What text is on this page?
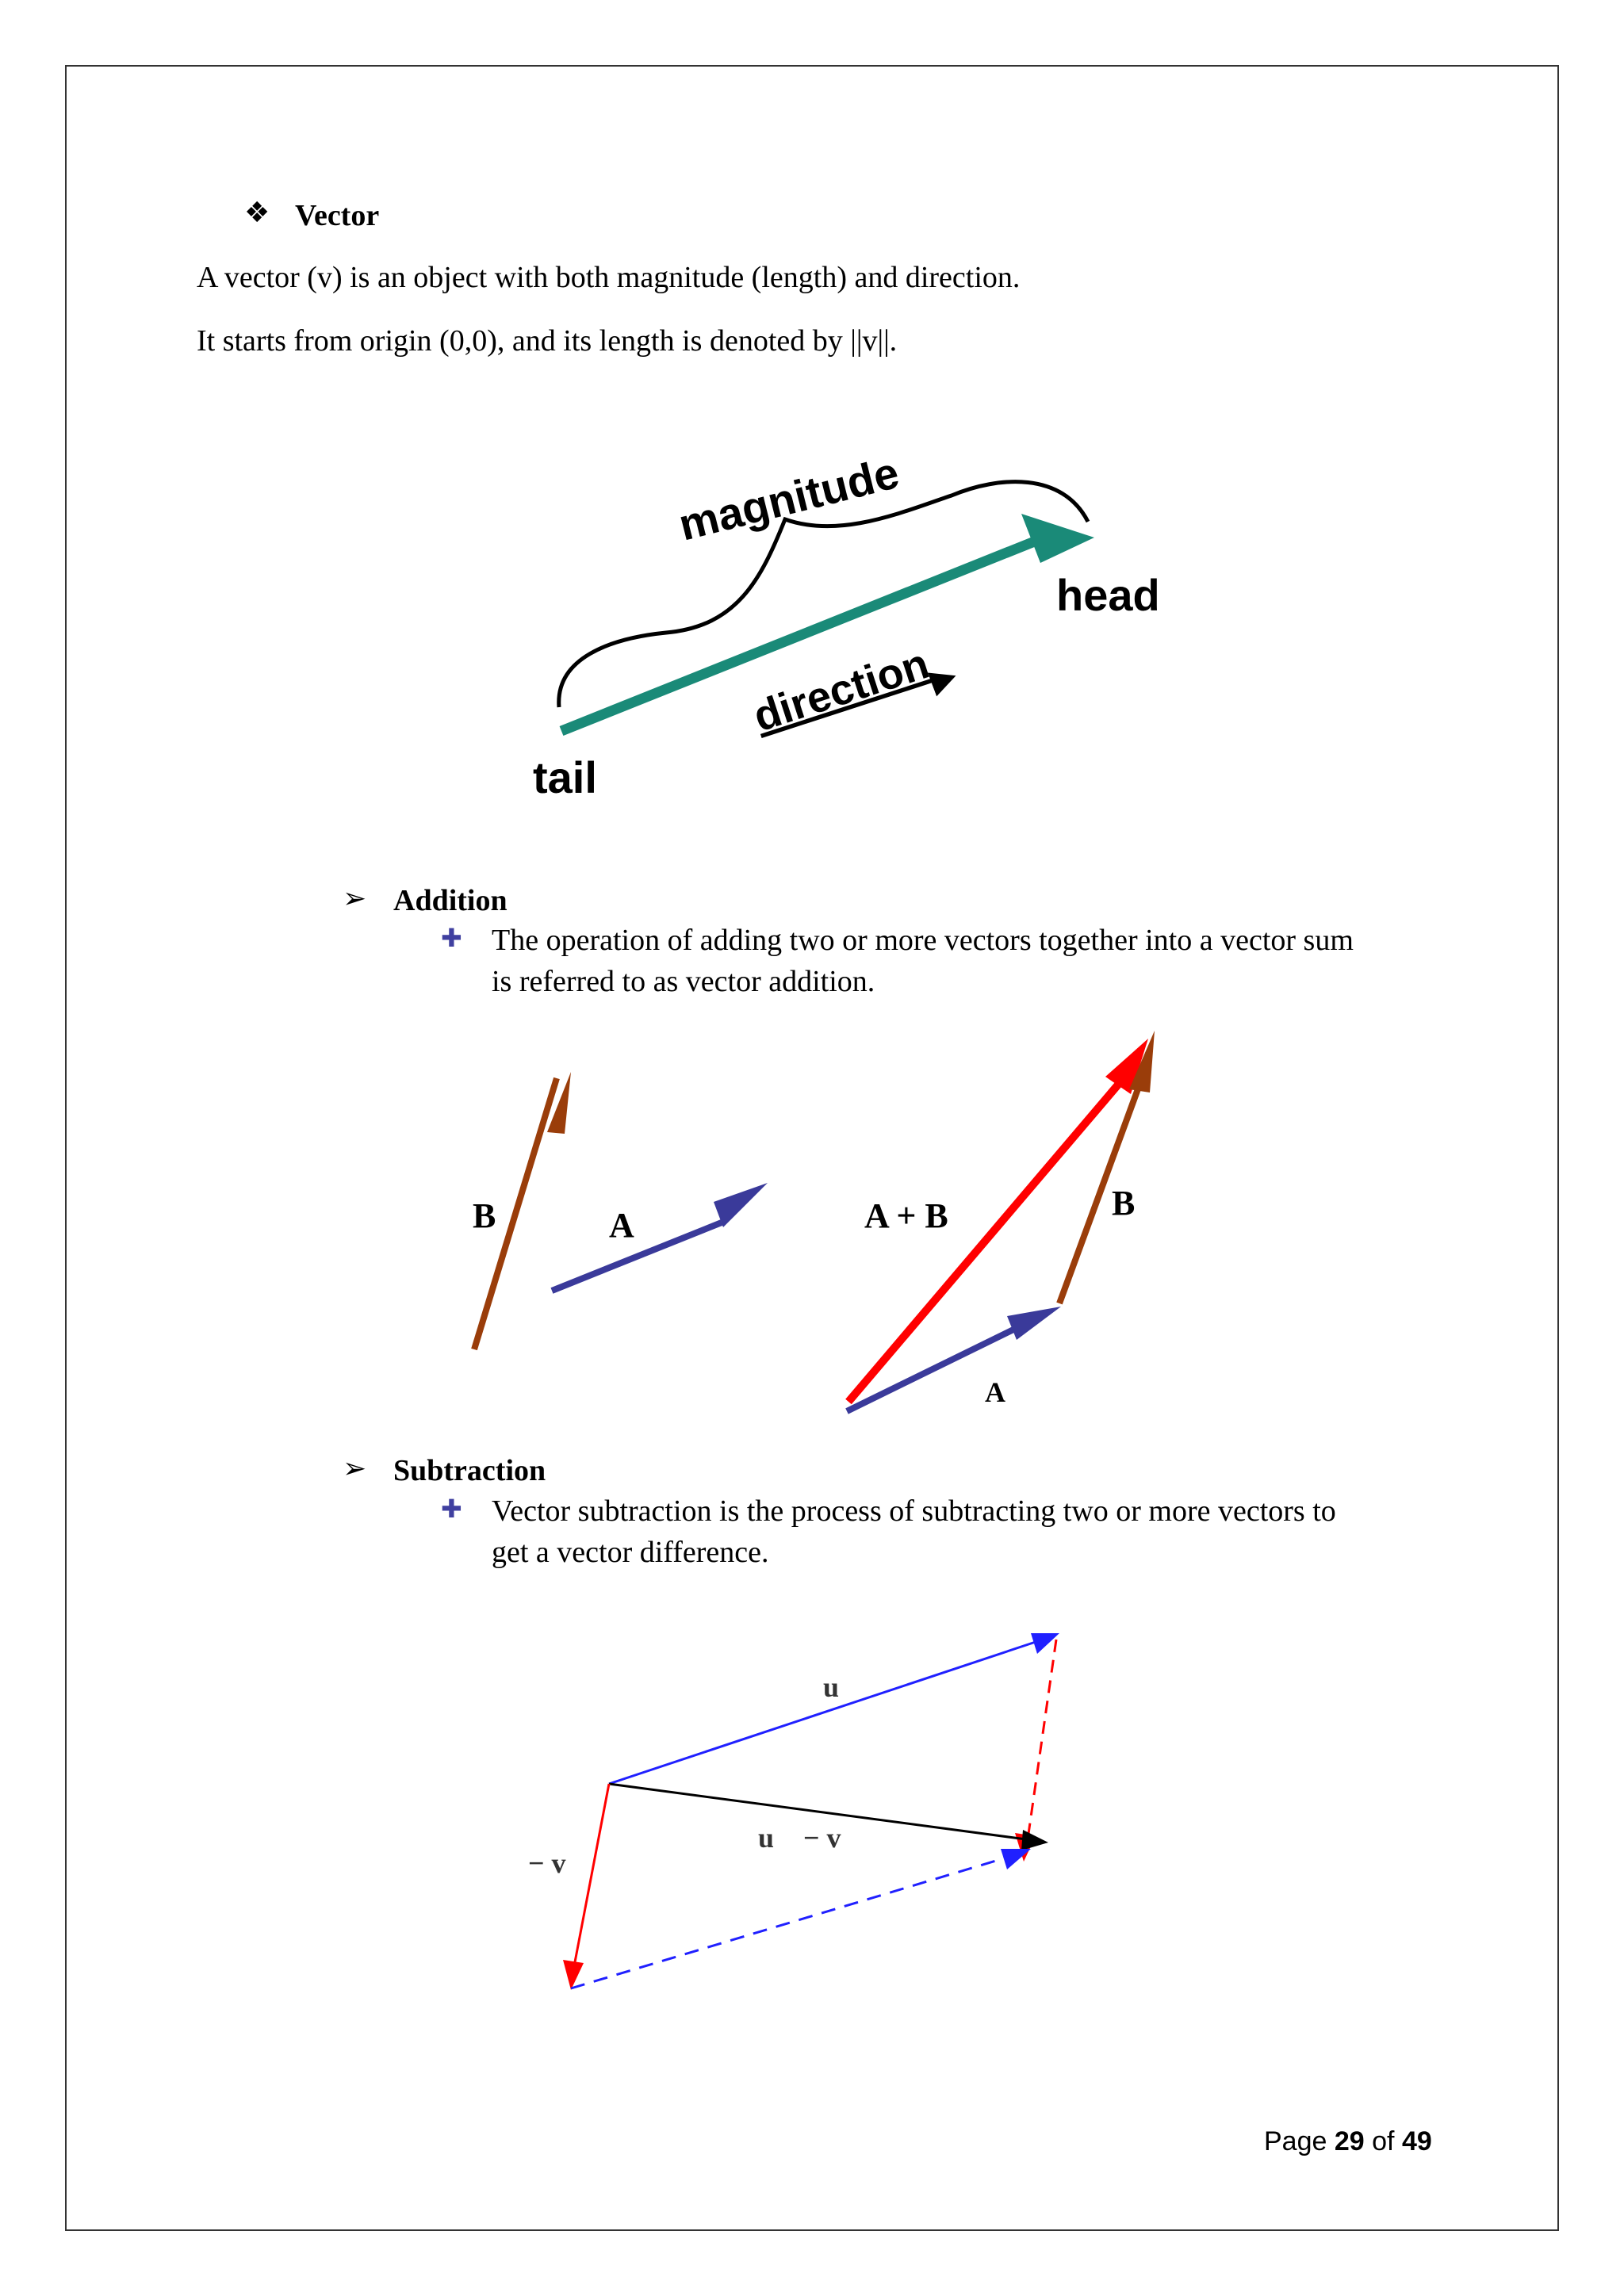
❖ Vector
A vector (v) is an object with both magnitude (length) and direction.
It starts from origin (0,0), and its length is denoted by ||v||.
magnitude
head
direction
tail
➢ Addition
✚ The operation of adding two or more vectors together into a vector sum
is referred to as vector addition.
B	A	A + B	B
A
➢ Subtraction
✚ Vector subtraction is the process of subtracting two or more vectors to
get a vector difference.
u⃗
u⃗ − v⃗
− v⃗
Page 29 of 49
